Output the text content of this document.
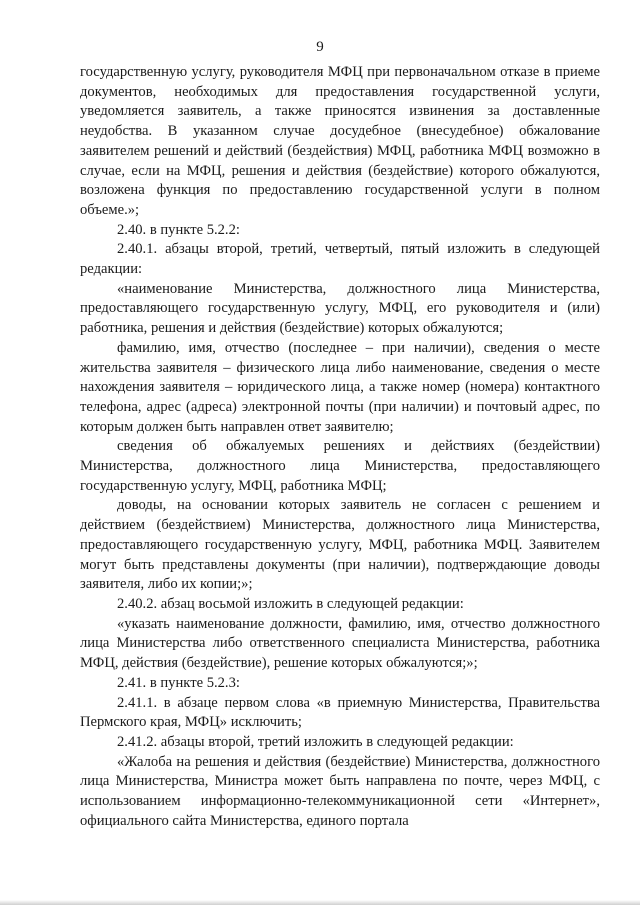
9

государственную услугу, руководителя МФЦ при первоначальном отказе в приеме документов, необходимых для предоставления государственной услуги, уведомляется заявитель, а также приносятся извинения за доставленные неудобства. В указанном случае досудебное (внесудебное) обжалование заявителем решений и действий (бездействия) МФЦ, работника МФЦ возможно в случае, если на МФЦ, решения и действия (бездействие) которого обжалуются, возложена функция по предоставлению государственной услуги в полном объеме.»;

2.40. в пункте 5.2.2:

2.40.1. абзацы второй, третий, четвертый, пятый изложить в следующей редакции:

«наименование Министерства, должностного лица Министерства, предоставляющего государственную услугу, МФЦ, его руководителя и (или) работника, решения и действия (бездействие) которых обжалуются;

фамилию, имя, отчество (последнее – при наличии), сведения о месте жительства заявителя – физического лица либо наименование, сведения о месте нахождения заявителя – юридического лица, а также номер (номера) контактного телефона, адрес (адреса) электронной почты (при наличии) и почтовый адрес, по которым должен быть направлен ответ заявителю;

сведения об обжалуемых решениях и действиях (бездействии) Министерства, должностного лица Министерства, предоставляющего государственную услугу, МФЦ, работника МФЦ;

доводы, на основании которых заявитель не согласен с решением и действием (бездействием) Министерства, должностного лица Министерства, предоставляющего государственную услугу, МФЦ, работника МФЦ. Заявителем могут быть представлены документы (при наличии), подтверждающие доводы заявителя, либо их копии;»;

2.40.2. абзац восьмой изложить в следующей редакции:

«указать наименование должности, фамилию, имя, отчество должностного лица Министерства либо ответственного специалиста Министерства, работника МФЦ, действия (бездействие), решение которых обжалуются;»;

2.41. в пункте 5.2.3:

2.41.1. в абзаце первом слова «в приемную Министерства, Правительства Пермского края, МФЦ» исключить;

2.41.2. абзацы второй, третий изложить в следующей редакции:

«Жалоба на решения и действия (бездействие) Министерства, должностного лица Министерства, Министра может быть направлена по почте, через МФЦ, с использованием информационно-телекоммуникационной сети «Интернет», официального сайта Министерства, единого портала
